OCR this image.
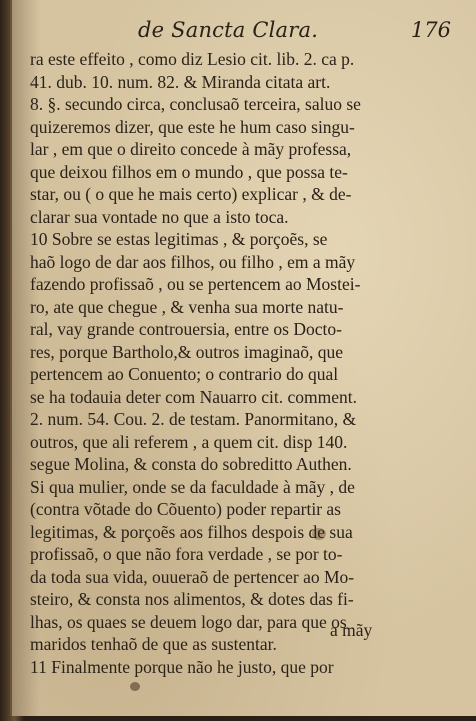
de Sancta Clara.	176
ra este effeito , como diz Lesio cit. lib. 2. ca p.
41. dub. 10. num. 82. & Miranda citata art.
8. §. secundo circa, conclusaõ terceira, saluo se
quizeremos dizer, que este he hum caso singu-
lar , em que o direito concede à mãy professa,
que deixou filhos em o mundo , que possa te-
star, ou ( o que he mais certo) explicar , & de-
clarar sua vontade no que a isto toca.
10 Sobre se estas legitimas , & porçoẽs, se
haõ logo de dar aos filhos, ou filho , em a mãy
fazendo profissaõ , ou se pertencem ao Mostei-
ro, ate que chegue , & venha sua morte natu-
ral, vay grande controuersia, entre os Docto-
res, porque Bartholo,& outros imaginaõ, que
pertencem ao Conuento; o contrario do qual
se ha todauia deter com Nauarro cit. comment.
2. num. 54. Cou. 2. de testam. Panormitano, &
outros, que ali referem , a quem cit. disp 140.
segue Molina, & consta do sobreditto Authen.
Si qua mulier, onde se da faculdade à mãy , de
(contra võtade do Cõuento) poder repartir as
legitimas, & porçoẽs aos filhos despois de sua
profissaõ, o que não fora verdade , se por to-
da toda sua vida, ouueraõ de pertencer ao Mo-
steiro, & consta nos alimentos, & dotes das fi-
lhas, os quaes se deuem logo dar, para que os
maridos tenhaõ de que as sustentar.
11 Finalmente porque não he justo, que por
a mãy
